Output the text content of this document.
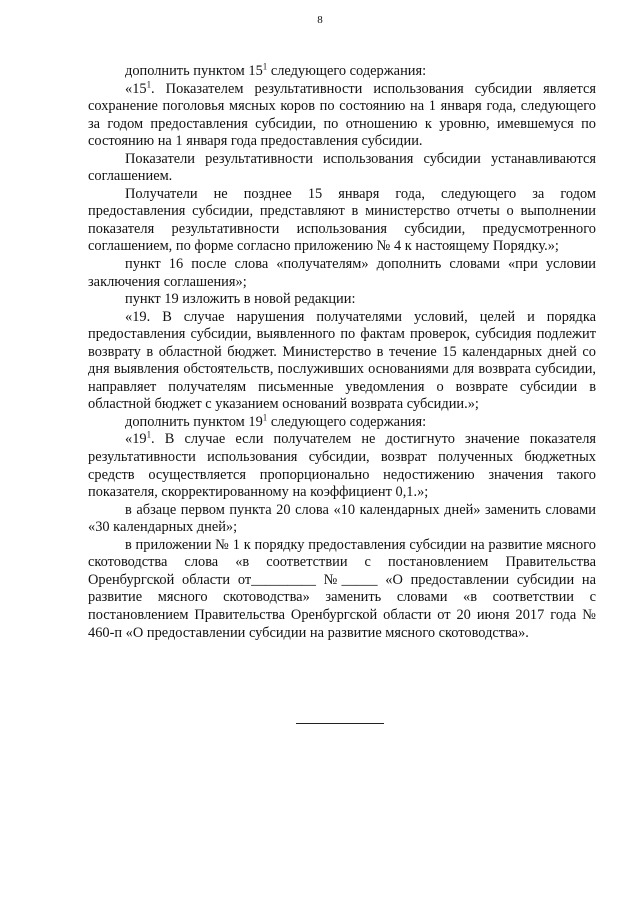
8

дополнить пунктом $15^1$ следующего содержания:

«$15^1$. Показателем результативности использования субсидии является сохранение поголовья мясных коров по состоянию на 1 января года, следующего за годом предоставления субсидии, по отношению к уровню, имевшемуся по состоянию на 1 января года предоставления субсидии.

Показатели результативности использования субсидии устанавливаются соглашением.

Получатели не позднее 15 января года, следующего за годом предоставления субсидии, представляют в министерство отчеты о выполнении показателя результативности использования субсидии, предусмотренного соглашением, по форме согласно приложению № 4 к настоящему Порядку.»;

пункт 16 после слова «получателям» дополнить словами «при условии заключения соглашения»;

пункт 19 изложить в новой редакции:

«19. В случае нарушения получателями условий, целей и порядка предоставления субсидии, выявленного по фактам проверок, субсидия подлежит возврату в областной бюджет. Министерство в течение 15 календарных дней со дня выявления обстоятельств, послуживших основаниями для возврата субсидии, направляет получателям письменные уведомления о возврате субсидии в областной бюджет с указанием оснований возврата субсидии.»;

дополнить пунктом $19^1$ следующего содержания:

«$19^1$. В случае если получателем не достигнуто значение показателя результативности использования субсидии, возврат полученных бюджетных средств осуществляется пропорционально недостижению значения такого показателя, скорректированному на коэффициент 0,1.»;

в абзаце первом пункта 20 слова «10 календарных дней» заменить словами «30 календарных дней»;

в приложении № 1 к порядку предоставления субсидии на развитие мясного скотоводства слова «в соответствии с постановлением Правительства Оренбургской области от_________ №_____ «О предоставлении субсидии на развитие мясного скотоводства» заменить словами «в соответствии с постановлением Правительства Оренбургской области от 20 июня 2017 года № 460-п «О предоставлении субсидии на развитие мясного скотоводства».
